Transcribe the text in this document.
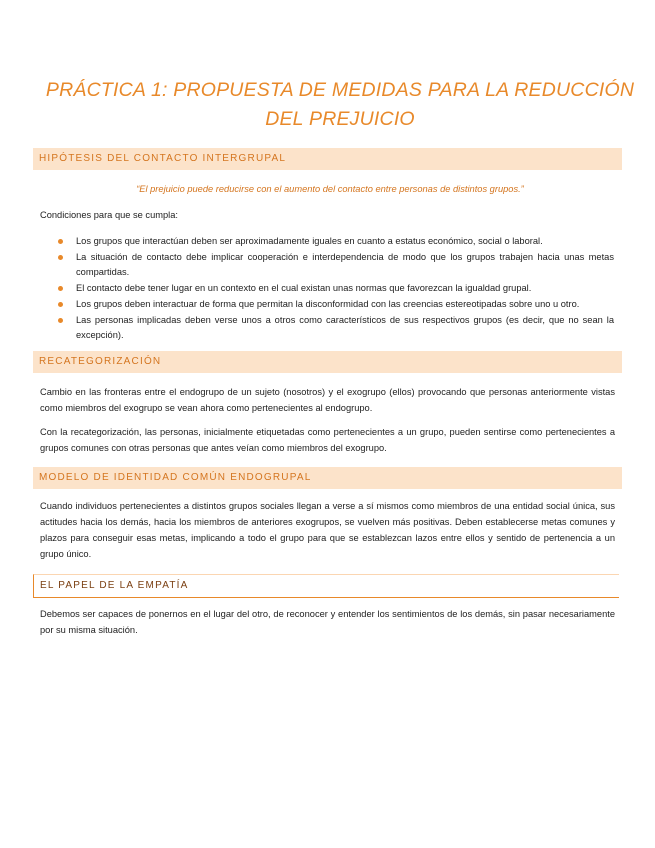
PRÁCTICA 1: PROPUESTA DE MEDIDAS PARA LA REDUCCIÓN DEL PREJUICIO
HIPÓTESIS DEL CONTACTO INTERGRUPAL
“El prejuicio puede reducirse con el aumento del contacto entre personas de distintos grupos.”
Condiciones para que se cumpla:
Los grupos que interactúan deben ser aproximadamente iguales en cuanto a estatus económico, social o laboral.
La situación de contacto debe implicar cooperación e interdependencia de modo que los grupos trabajen hacia unas metas compartidas.
El contacto debe tener lugar en un contexto en el cual existan unas normas que favorezcan la igualdad grupal.
Los grupos deben interactuar de forma que permitan la disconformidad con las creencias estereotipadas sobre uno u otro.
Las personas implicadas deben verse unos a otros como característicos de sus respectivos grupos (es decir, que no sean la excepción).
RECATEGORIZACIÓN
Cambio en las fronteras entre el endogrupo de un sujeto (nosotros) y el exogrupo (ellos) provocando que personas anteriormente vistas como miembros del exogrupo se vean ahora como pertenecientes al endogrupo.
Con la recategorización, las personas, inicialmente etiquetadas como pertenecientes a un grupo, pueden sentirse como pertenecientes a grupos comunes con otras personas que antes veían como miembros del exogrupo.
MODELO DE IDENTIDAD COMÚN ENDOGRUPAL
Cuando individuos pertenecientes a distintos grupos sociales llegan a verse a sí mismos como miembros de una entidad social única, sus actitudes hacia los demás, hacia los miembros de anteriores exogrupos, se vuelven más positivas. Deben establecerse metas comunes y plazos para conseguir esas metas, implicando a todo el grupo para que se establezcan lazos entre ellos y sentido de pertenencia a un grupo único.
EL PAPEL DE LA EMPATÍA
Debemos ser capaces de ponernos en el lugar del otro, de reconocer y entender los sentimientos de los demás, sin pasar necesariamente por su misma situación.
